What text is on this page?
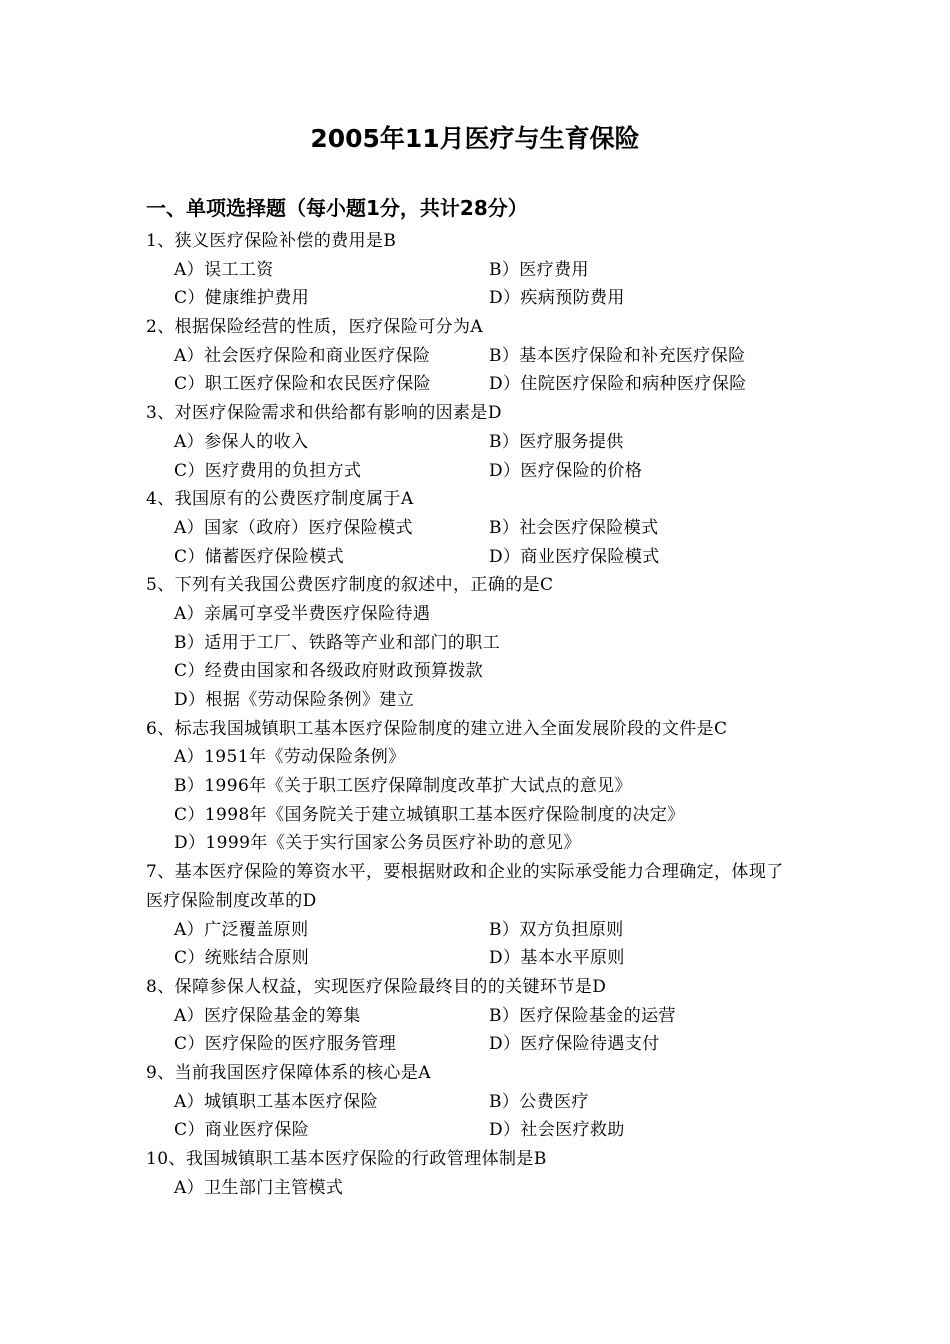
2005年11月医疗与生育保险
一、单项选择题（每小题1分，共计28分）
1、狭义医疗保险补偿的费用是B
A）误工工资	B）医疗费用
C）健康维护费用	D）疾病预防费用
2、根据保险经营的性质，医疗保险可分为A
A）社会医疗保险和商业医疗保险	B）基本医疗保险和补充医疗保险
C）职工医疗保险和农民医疗保险	D）住院医疗保险和病种医疗保险
3、对医疗保险需求和供给都有影响的因素是D
A）参保人的收入	B）医疗服务提供
C）医疗费用的负担方式	D）医疗保险的价格
4、我国原有的公费医疗制度属于A
A）国家（政府）医疗保险模式	B）社会医疗保险模式
C）储蓄医疗保险模式	D）商业医疗保险模式
5、下列有关我国公费医疗制度的叙述中，正确的是C
A）亲属可享受半费医疗保险待遇
B）适用于工厂、铁路等产业和部门的职工
C）经费由国家和各级政府财政预算拨款
D）根据《劳动保险条例》建立
6、标志我国城镇职工基本医疗保险制度的建立进入全面发展阶段的文件是C
A）1951年《劳动保险条例》
B）1996年《关于职工医疗保障制度改革扩大试点的意见》
C）1998年《国务院关于建立城镇职工基本医疗保险制度的决定》
D）1999年《关于实行国家公务员医疗补助的意见》
7、基本医疗保险的筹资水平，要根据财政和企业的实际承受能力合理确定，体现了
医疗保险制度改革的D
A）广泛覆盖原则	B）双方负担原则
C）统账结合原则	D）基本水平原则
8、保障参保人权益，实现医疗保险最终目的的关键环节是D
A）医疗保险基金的筹集	B）医疗保险基金的运营
C）医疗保险的医疗服务管理	D）医疗保险待遇支付
9、当前我国医疗保障体系的核心是A
A）城镇职工基本医疗保险	B）公费医疗
C）商业医疗保险	D）社会医疗救助
10、我国城镇职工基本医疗保险的行政管理体制是B
A）卫生部门主管模式
